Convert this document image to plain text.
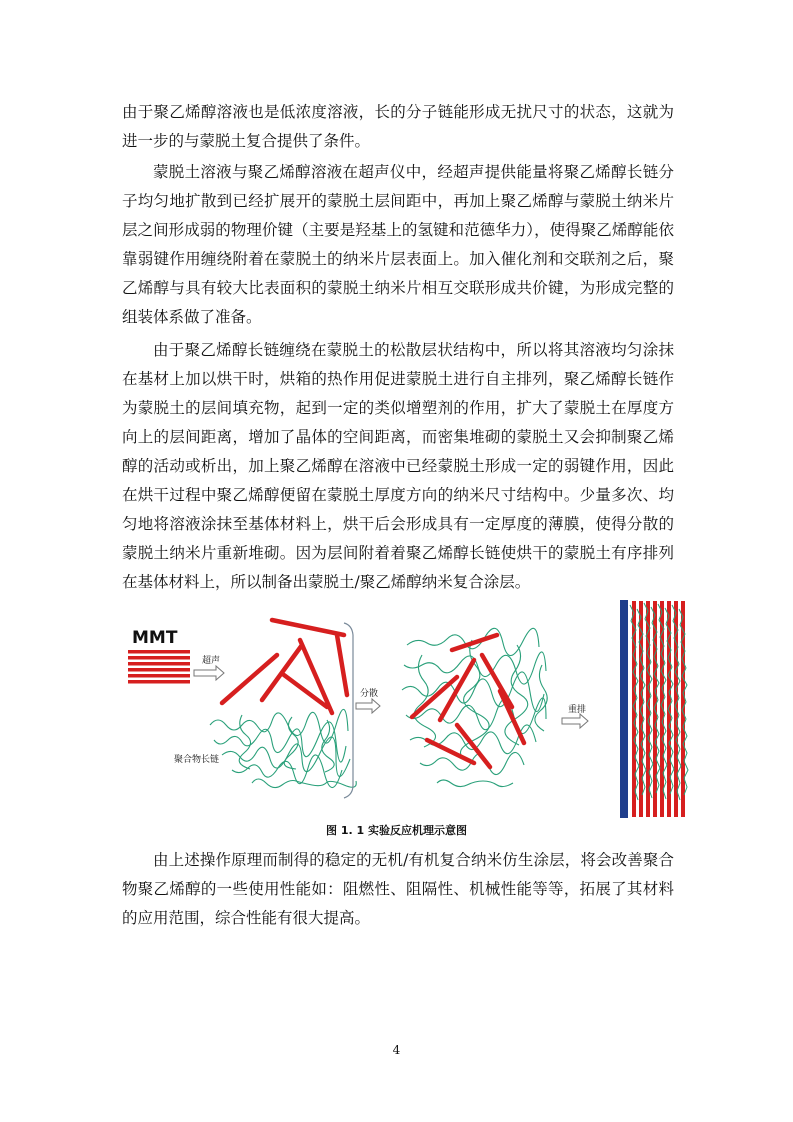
由于聚乙烯醇溶液也是低浓度溶液，长的分子链能形成无扰尺寸的状态，这就为进一步的与蒙脱土复合提供了条件。

蒙脱土溶液与聚乙烯醇溶液在超声仪中，经超声提供能量将聚乙烯醇长链分子均匀地扩散到已经扩展开的蒙脱土层间距中，再加上聚乙烯醇与蒙脱土纳米片层之间形成弱的物理价键（主要是羟基上的氢键和范德华力），使得聚乙烯醇能依靠弱键作用缠绕附着在蒙脱土的纳米片层表面上。加入催化剂和交联剂之后，聚乙烯醇与具有较大比表面积的蒙脱土纳米片相互交联形成共价键，为形成完整的组装体系做了准备。

由于聚乙烯醇长链缠绕在蒙脱土的松散层状结构中，所以将其溶液均匀涂抹在基材上加以烘干时，烘箱的热作用促进蒙脱土进行自主排列，聚乙烯醇长链作为蒙脱土的层间填充物，起到一定的类似增塑剂的作用，扩大了蒙脱土在厚度方向上的层间距离，增加了晶体的空间距离，而密集堆砌的蒙脱土又会抑制聚乙烯醇的活动或析出，加上聚乙烯醇在溶液中已经蒙脱土形成一定的弱键作用，因此在烘干过程中聚乙烯醇便留在蒙脱土厚度方向的纳米尺寸结构中。少量多次、均匀地将溶液涂抹至基体材料上，烘干后会形成具有一定厚度的薄膜，使得分散的蒙脱土纳米片重新堆砌。因为层间附着着聚乙烯醇长链使烘干的蒙脱土有序排列在基体材料上，所以制备出蒙脱土/聚乙烯醇纳米复合涂层。

MMT
超声
聚合物长链
分散
重排
图 1. 1 实验反应机理示意图

由上述操作原理而制得的稳定的无机/有机复合纳米仿生涂层，将会改善聚合物聚乙烯醇的一些使用性能如：阻燃性、阻隔性、机械性能等等，拓展了其材料的应用范围，综合性能有很大提高。

4
